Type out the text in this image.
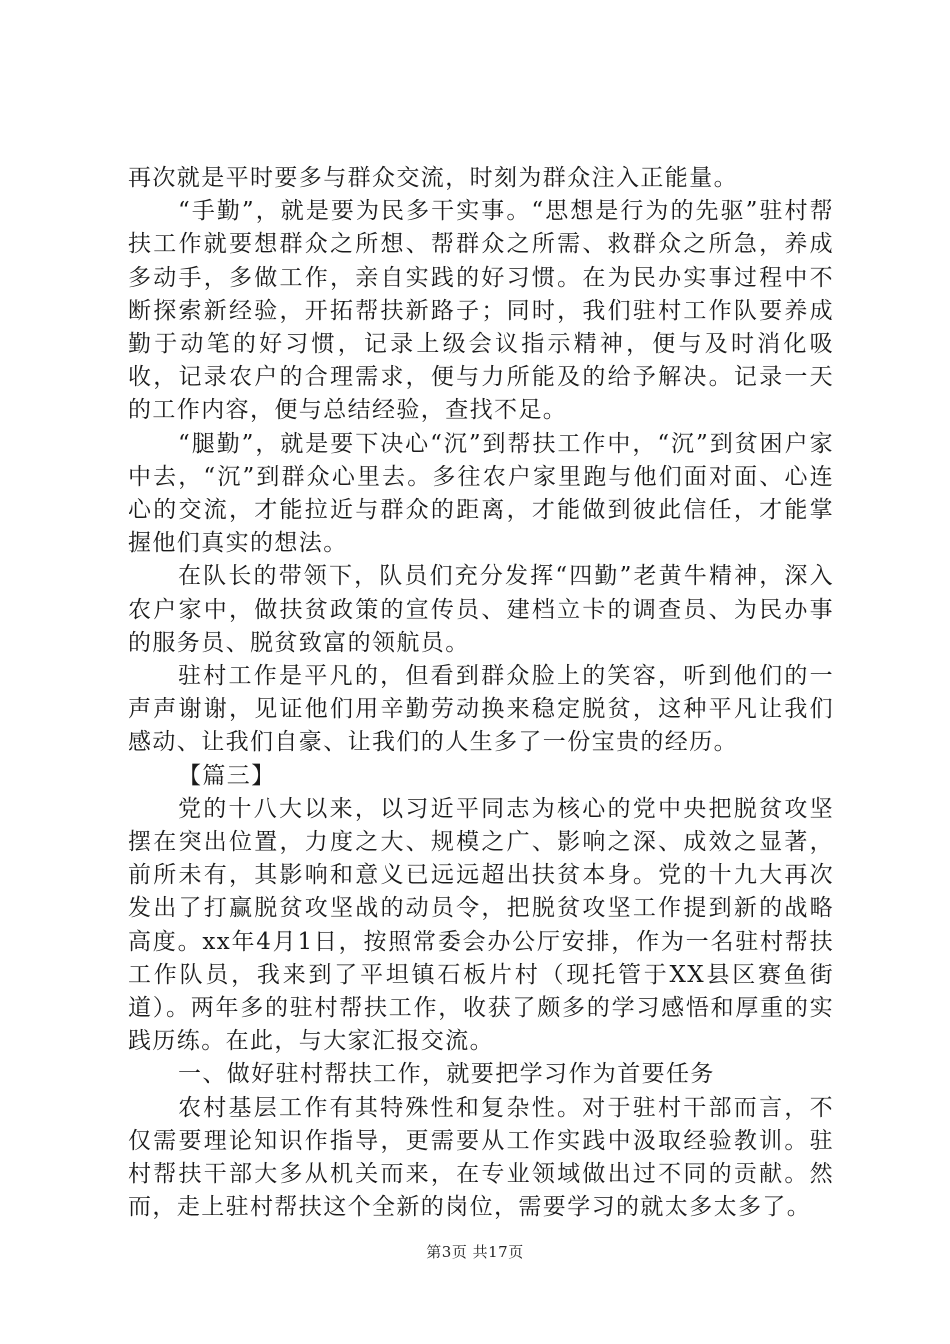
再次就是平时要多与群众交流，时刻为群众注入正能量。

“手勤”，就是要为民多干实事。“思想是行为的先驱”驻村帮扶工作就要想群众之所想、帮群众之所需、救群众之所急，养成多动手，多做工作，亲自实践的好习惯。在为民办实事过程中不断探索新经验，开拓帮扶新路子；同时，我们驻村工作队要养成勤于动笔的好习惯，记录上级会议指示精神，便与及时消化吸收，记录农户的合理需求，便与力所能及的给予解决。记录一天的工作内容，便与总结经验，查找不足。

“腿勤”，就是要下决心“沉”到帮扶工作中，“沉”到贫困户家中去，“沉”到群众心里去。多往农户家里跑与他们面对面、心连心的交流，才能拉近与群众的距离，才能做到彼此信任，才能掌握他们真实的想法。

在队长的带领下，队员们充分发挥“四勤”老黄牛精神，深入农户家中，做扶贫政策的宣传员、建档立卡的调查员、为民办事的服务员、脱贫致富的领航员。

驻村工作是平凡的，但看到群众脸上的笑容，听到他们的一声声谢谢，见证他们用辛勤劳动换来稳定脱贫，这种平凡让我们感动、让我们自豪、让我们的人生多了一份宝贵的经历。

【篇三】

党的十八大以来，以习近平同志为核心的党中央把脱贫攻坚摆在突出位置，力度之大、规模之广、影响之深、成效之显著，前所未有，其影响和意义已远远超出扶贫本身。党的十九大再次发出了打赢脱贫攻坚战的动员令，把脱贫攻坚工作提到新的战略高度。xx年4月1日，按照常委会办公厅安排，作为一名驻村帮扶工作队员，我来到了平坦镇石板片村（现托管于XX县区赛鱼街道）。两年多的驻村帮扶工作，收获了颇多的学习感悟和厚重的实践历练。在此，与大家汇报交流。

一、做好驻村帮扶工作，就要把学习作为首要任务

农村基层工作有其特殊性和复杂性。对于驻村干部而言，不仅需要理论知识作指导，更需要从工作实践中汲取经验教训。驻村帮扶干部大多从机关而来，在专业领域做出过不同的贡献。然而，走上驻村帮扶这个全新的岗位，需要学习的就太多太多了。

第3页 共17页
